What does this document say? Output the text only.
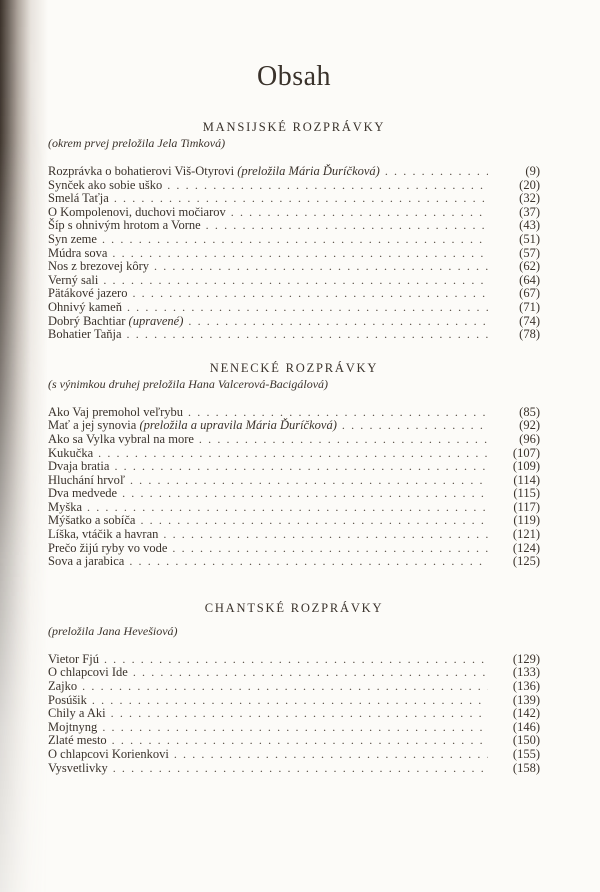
Obsah
MANSIJSKÉ ROZPRÁVKY
(okrem prvej preložila Jela Timková)
Rozprávka o bohatierovi Viš-Otyrovi (preložila Mária Ďuríčková) . . .	(9)
Synček ako sobie uško . . .	(20)
Smelá Taťja . . .	(32)
O Kompolenovi, duchovi močiarov . . .	(37)
Šíp s ohnivým hrotom a Vorne . . .	(43)
Syn zeme . . .	(51)
Múdra sova . . .	(57)
Nos z brezovej kôry . . .	(62)
Verný sali . . .	(64)
Pätákové jazero . . .	(67)
Ohnivý kameň . . .	(71)
Dobrý Bachtiar (upravené) . . .	(74)
Bohatier Taňja . . .	(78)
NENECKÉ ROZPRÁVKY
(s výnimkou druhej preložila Hana Valcerová-Bacigálová)
Ako Vaj premohol veľrybu . . .	(85)
Mať a jej synovia (preložila a upravila Mária Ďuríčková) . . .	(92)
Ako sa Vylka vybral na more . . .	(96)
Kukučka . . .	(107)
Dvaja bratia . . .	(109)
Hluchání hrvoľ . . .	(114)
Dva medvede . . .	(115)
Myška . . .	(117)
Mýšatko a sobíča . . .	(119)
Líška, vtáčik a havran . . .	(121)
Prečo žijú ryby vo vode . . .	(124)
Sova a jarabica . . .	(125)
CHANTSKÉ ROZPRÁVKY
(preložila Jana Hevešiová)
Vietor Fjú . . .	(129)
O chlapcovi Ide . . .	(133)
Zajko . . .	(136)
Posúšik . . .	(139)
Chily a Aki . . .	(142)
Mojtnyng . . .	(146)
Zlaté mesto . . .	(150)
O chlapcovi Korienkovi . . .	(155)
Vysvetlivky . . .	(158)
